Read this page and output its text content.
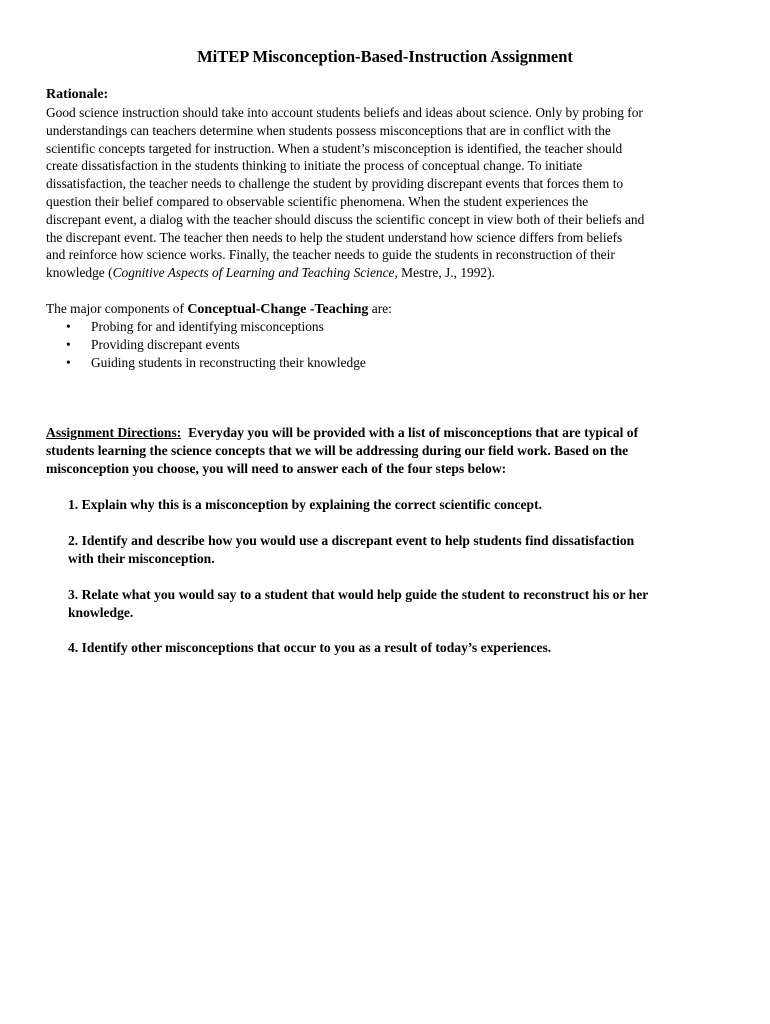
MiTEP Misconception-Based-Instruction Assignment
Rationale:

Good science instruction should take into account students beliefs and ideas about science. Only by probing for

understandings can teachers determine when students possess misconceptions that are in conflict with the

scientific concepts targeted for instruction. When a student’s misconception is identified, the teacher should

create dissatisfaction in the students thinking to initiate the process of conceptual change. To initiate

dissatisfaction, the teacher needs to challenge the student by providing discrepant events that forces them to

question their belief compared to observable scientific phenomena. When the student experiences the

discrepant event, a dialog with the teacher should discuss the scientific concept in view both of their beliefs and

the discrepant event. The teacher then needs to help the student understand how science differs from beliefs

and reinforce how science works. Finally, the teacher needs to guide the students in reconstruction of their

knowledge (Cognitive Aspects of Learning and Teaching Science, Mestre, J., 1992).

The major components of Conceptual-Change -Teaching are:
• Probing for and identifying misconceptions
• Providing discrepant events
• Guiding students in reconstructing their knowledge

Assignment Directions:  Everyday you will be provided with a list of misconceptions that are typical of

students learning the science concepts that we will be addressing during our field work. Based on the

misconception you choose, you will need to answer each of the four steps below:

1. Explain why this is a misconception by explaining the correct scientific concept.

2. Identify and describe how you would use a discrepant event to help students find dissatisfaction

with their misconception.

3. Relate what you would say to a student that would help guide the student to reconstruct his or her

knowledge.

4. Identify other misconceptions that occur to you as a result of today’s experiences.
